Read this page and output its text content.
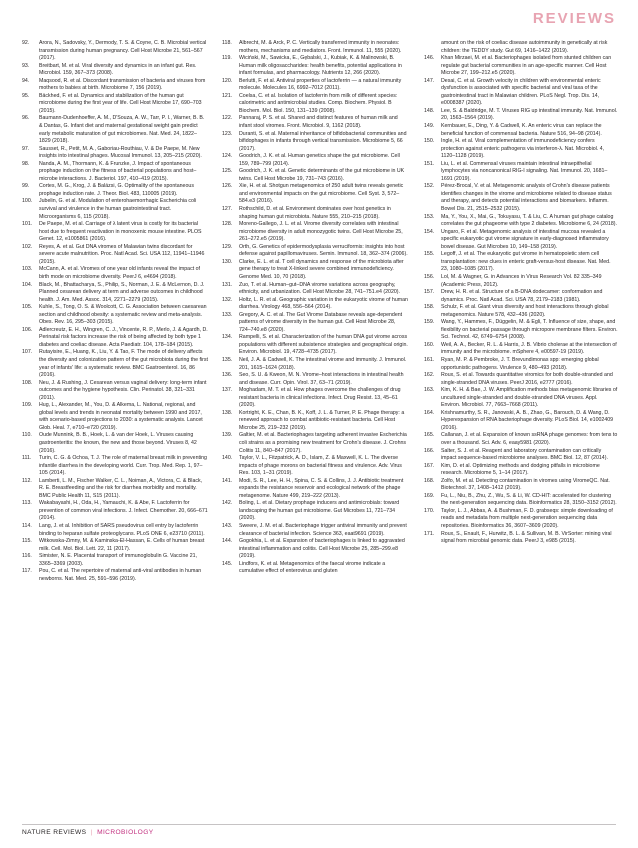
REVIEWS

92. Arora, N., Sadovsky, Y., Dermody, T. S. & Coyne, C. B. Microbial vertical transmission during human pregnancy. Cell Host Microbe 21, 561–567 (2017).

93. Breitbart, M. et al. Viral diversity and dynamics in an infant gut. Res. Microbiol. 159, 367–373 (2008).

94. Maqsood, R. et al. Discordant transmission of bacteria and viruses from mothers to babies at birth. Microbiome 7, 156 (2019).

95. Bäckhed, F. et al. Dynamics and stabilization of the human gut microbiome during the first year of life. Cell Host Microbe 17, 690–703 (2015).

96. Baumann-Dudenhoeffer, A. M., D'Souza, A. W., Tarr, P. I., Warner, B. B. & Dantas, G. Infant diet and maternal gestational weight gain predict early metabolic maturation of gut microbiomes. Nat. Med. 24, 1822–1829 (2018).

97. Sausset, R., Petit, M. A., Gaboriau-Routhiau, V. & De Paepe, M. New insights into intestinal phages. Mucosal Immunol. 13, 205–215 (2020).

98. Nanda, A. M., Thormann, K. & Frunzke, J. Impact of spontaneous prophage induction on the fitness of bacterial populations and host–microbe interactions. J. Bacteriol. 197, 410–419 (2015).

99. Cortes, M. G., Krog, J. & Balázsi, G. Optimality of the spontaneous prophage induction rate. J. Theor. Biol. 483, 110005 (2019).

100. Jubelin, G. et al. Modulation of enterohaemorrhagic Escherichia coli survival and virulence in the human gastrointestinal tract. Microorganisms 6, 115 (2018).

101. De Paepe, M. et al. Carriage of λ latent virus is costly for its bacterial host due to frequent reactivation in monoxenic mouse intestine. PLOS Genet. 12, e1005861 (2016).

102. Reyes, A. et al. Gut DNA viromes of Malawian twins discordant for severe acute malnutrition. Proc. Natl Acad. Sci. USA 112, 11941–11946 (2015).

103. McCann, A. et al. Viromes of one year old infants reveal the impact of birth mode on microbiome diversity. PeerJ 6, e4694 (2018).

104. Black, M., Bhattacharya, S., Philip, S., Norman, J. E. & McLernon, D. J. Planned cesarean delivery at term and adverse outcomes in childhood health. J. Am. Med. Assoc. 314, 2271–2279 (2015).

105. Kuhle, S., Tong, O. S. & Woolcott, C. G. Association between caesarean section and childhood obesity: a systematic review and meta-analysis. Obes. Rev. 16, 295–303 (2015).

106. Adlercreutz, E. H., Wingren, C. J., Vincente, R. P., Merlo, J. & Agardh, D. Perinatal risk factors increase the risk of being affected by both type 1 diabetes and coeliac disease. Acta Paediatr. 104, 178–184 (2015).

107. Rutayisire, E., Huang, K., Liu, Y. & Tao, F. The mode of delivery affects the diversity and colonization pattern of the gut microbiota during the first year of infants' life: a systematic review. BMC Gastroenterol. 16, 86 (2016).

108. Neu, J. & Rushing, J. Cesarean versus vaginal delivery: long-term infant outcomes and the hygiene hypothesis. Clin. Perinatol. 38, 321–331 (2011).

109. Hug, L., Alexander, M., You, D. & Alkema, L. National, regional, and global levels and trends in neonatal mortality between 1990 and 2017, with scenario-based projections to 2030: a systematic analysis. Lancet Glob. Heal. 7, e710–e720 (2019).

110. Oude Munnink, B. B., Hoek, L. & van der Hoek, L. Viruses causing gastroenteritis: the known, the new and those beyond. Viruses 8, 42 (2016).

111. Turin, C. G. & Ochoa, T. J. The role of maternal breast milk in preventing infantile diarrhea in the developing world. Curr. Trop. Med. Rep. 1, 97–105 (2014).

112. Lamberti, L. M., Fischer Walker, C. L., Noiman, A., Victora, C. & Black, R. E. Breastfeeding and the risk for diarrhea morbidity and mortality. BMC Public Health 11, S15 (2011).

113. Wakabayashi, H., Oda, H., Yamauchi, K. & Abe, F. Lactoferrin for prevention of common viral infections. J. Infect. Chemother. 20, 666–671 (2014).

114. Lang, J. et al. Inhibition of SARS pseudovirus cell entry by lactoferrin binding to heparan sulfate proteoglycans. PLoS ONE 6, e23710 (2011).

115. Witkowska-Zimny, M. & Kaminska-El-Hassan, E. Cells of human breast milk. Cell. Mol. Biol. Lett. 22, 11 (2017).

116. Simister, N. E. Placental transport of immunoglobulin G. Vaccine 21, 3365–3369 (2003).

117. Pou, C. et al. The repertoire of maternal anti-viral antibodies in human newborns. Nat. Med. 25, 591–596 (2019).

118. Albrecht, M. & Arck, P. C. Vertically transferred immunity in neonates: mothers, mechanisms and mediators. Front. Immunol. 11, 555 (2020).

119. Wiciński, M., Sawicka, E., Gębalski, J., Kubiak, K. & Malinowski, B. Human milk oligosaccharides: health benefits, potential applications in infant formulas, and pharmacology. Nutrients 12, 266 (2020).

120. Berlutti, F. et al. Antiviral properties of lactoferrin — a natural immunity molecule. Molecules 16, 6992–7012 (2011).

121. Coelsa, C. et al. Isolation of lactoferrin from milk of different species: calorimetric and antimicrobial studies. Comp. Biochem. Physiol. B Biochem. Mol. Biol. 150, 131–139 (2008).

122. Pannaraj, P. S. et al. Shared and distinct features of human milk and infant stool viromes. Front. Microbiol. 9, 1162 (2018).

123. Duranti, S. et al. Maternal inheritance of bifidobacterial communities and bifidophages in infants through vertical transmission. Microbiome 5, 66 (2017).

124. Goodrich, J. K. et al. Human genetics shape the gut microbiome. Cell 159, 789–799 (2014).

125. Goodrich, J. K. et al. Genetic determinants of the gut microbiome in UK twins. Cell Host Microbe 19, 731–743 (2016).

126. Xie, H. et al. Shotgun metagenomics of 250 adult twins reveals genetic and environmental impacts on the gut microbiome. Cell Syst. 3, 572–584.e3 (2016).

127. Rothschild, D. et al. Environment dominates over host genetics in shaping human gut microbiota. Nature 555, 210–215 (2018).

128. Moreno-Gallego, J. L. et al. Virome diversity correlates with intestinal microbiome diversity in adult monozygotic twins. Cell Host Microbe 25, 261–272.e5 (2019).

129. Orth, G. Genetics of epidermodysplasia verruciformis: insights into host defense against papillomaviruses. Semin. Immunol. 18, 362–374 (2006).

130. Clarke, E. L. et al. T cell dynamics and response of the microbiota after gene therapy to treat X-linked severe combined immunodeficiency. Genome Med. 10, 70 (2018).

131. Zuo, T. et al. Human–gut–DNA virome variations across geography, ethnicity, and urbanization. Cell Host Microbe 28, 741–751.e4 (2020).

132. Holtz, L. R. et al. Geographic variation in the eukaryotic virome of human diarrhea. Virology 468, 556–564 (2014).

133. Gregory, A. C. et al. The Gut Virome Database reveals age-dependent patterns of virome diversity in the human gut. Cell Host Microbe 28, 724–740.e8 (2020).

134. Rampelli, S. et al. Characterization of the human DNA gut virome across populations with different subsistence strategies and geographical origin. Environ. Microbiol. 19, 4728–4735 (2017).

135. Neil, J. A. & Cadwell, K. The intestinal virome and immunity. J. Immunol. 201, 1615–1624 (2018).

136. Seo, S. U. & Kweon, M. N. Virome–host interactions in intestinal health and disease. Curr. Opin. Virol. 37, 63–71 (2019).

137. Moghadam, M. T. et al. How phages overcome the challenges of drug resistant bacteria in clinical infections. Infect. Drug Resist. 13, 45–61 (2020).

138. Kortright, K. E., Chan, B. K., Koff, J. L. & Turner, P. E. Phage therapy: a renewed approach to combat antibiotic-resistant bacteria. Cell Host Microbe 25, 219–232 (2019).

139. Galtier, M. et al. Bacteriophages targeting adherent invasive Escherichia coli strains as a promising new treatment for Crohn's disease. J. Crohns Colitis 11, 840–847 (2017).

140. Taylor, V. L., Fitzpatrick, A. D., Islam, Z. & Maxwell, K. L. The diverse impacts of phage morons on bacterial fitness and virulence. Adv. Virus Res. 103, 1–31 (2019).

141. Modi, S. R., Lee, H. H., Spina, C. S. & Collins, J. J. Antibiotic treatment expands the resistance reservoir and ecological network of the phage metagenome. Nature 499, 219–222 (2013).

142. Boling, L. et al. Dietary prophage inducers and antimicrobials: toward landscaping the human gut microbiome. Gut Microbes 11, 721–734 (2020).

143. Sweere, J. M. et al. Bacteriophage trigger antiviral immunity and prevent clearance of bacterial infection. Science 363, eaat9691 (2019).

144. Gogokhia, L. et al. Expansion of bacteriophages is linked to aggravated intestinal inflammation and colitis. Cell Host Microbe 25, 285–299.e8 (2019).

145. Lindfors, K. et al. Metagenomics of the faecal virome indicate a cumulative effect of enterovirus and gluten

amount on the risk of coeliac disease autoimmunity in genetically at risk children: the TEDDY study. Gut 69, 1416–1422 (2019).

146. Khan Mirzaei, M. et al. Bacteriophages isolated from stunted children can regulate gut bacterial communities in an age-specific manner. Cell Host Microbe 27, 199–212.e5 (2020).

147. Desai, C. et al. Growth velocity in children with environmental enteric dysfunction is associated with specific bacterial and viral taxa of the gastrointestinal tract in Malawian children. PLoS Negl. Trop. Dis. 14, e0008387 (2020).

148. Lee, S. & Baldridge, M. T. Viruses RIG up intestinal immunity. Nat. Immunol. 20, 1563–1564 (2019).

149. Kernbauer, E., Ding, Y. & Cadwell, K. An enteric virus can replace the beneficial function of commensal bacteria. Nature 516, 94–98 (2014).

150. Ingle, H. et al. Viral complementation of immunodeficiency confers protection against enteric pathogens via interferon-λ. Nat. Microbiol. 4, 1120–1128 (2019).

151. Liu, L. et al. Commensal viruses maintain intestinal intraepithelial lymphocytes via noncanonical RIG-I signaling. Nat. Immunol. 20, 1681–1691 (2019).

152. Pérez-Brocal, V. et al. Metagenomic analysis of Crohn's disease patients identifies changes in the virome and microbiome related to disease status and therapy, and detects potential interactions and biomarkers. Inflamm. Bowel Dis. 21, 2515–2532 (2015).

153. Ma, Y., You, X., Mai, G., Tokuyasu, T. & Liu, C. A human gut phage catalog correlates the gut phageome with type 2 diabetes. Microbiome 6, 24 (2018).

154. Ungaro, F. et al. Metagenomic analysis of intestinal mucosa revealed a specific eukaryotic gut virome signature in early-diagnosed inflammatory bowel disease. Gut Microbes 10, 149–158 (2019).

155. Legoff, J. et al. The eukaryotic gut virome in hematopoietic stem cell transplantation: new clues in enteric graft-versus-host disease. Nat. Med. 23, 1080–1085 (2017).

156. Lol, M. & Wagner, G. in Advances in Virus Research Vol. 82 335–349 (Academic Press, 2012).

157. Drew, H. R. et al. Structure of a B-DNA dodecamer: conformation and dynamics. Proc. Natl Acad. Sci. USA 78, 2179–2183 (1981).

158. Schulz, F. et al. Giant virus diversity and host interactions through global metagenomics. Nature 578, 432–436 (2020).

159. Wang, Y., Hammes, F., Düggelin, M. & Egli, T. Influence of size, shape, and flexibility on bacterial passage through micropore membrane filters. Environ. Sci. Technol. 42, 6749–6754 (2008).

160. Weil, A. A., Becker, R. L. & Harris, J. B. Vibrio cholerae at the intersection of immunity and the microbiome. mSphere 4, e00597-19 (2019).

161. Ryan, M. P. & Pembroke, J. T. Brevundimonas spp: emerging global opportunistic pathogens. Virulence 9, 480–493 (2018).

162. Roux, S. et al. Towards quantitative viromics for both double-stranded and single-stranded DNA viruses. PeerJ 2016, e2777 (2016).

163. Kim, K. H. & Bae, J. W. Amplification methods bias metagenomic libraries of uncultured single-stranded and double-stranded DNA viruses. Appl. Environ. Microbiol. 77, 7663–7668 (2011).

164. Krishnamurthy, S. R., Janowski, A. B., Zhao, G., Barouch, D. & Wang, D. Hyperexpansion of RNA bacteriophage diversity. PLoS Biol. 14, e1002409 (2016).

165. Callanan, J. et al. Expansion of known ssRNA phage genomes: from tens to over a thousand. Sci. Adv. 6, eaay5981 (2020).

166. Salter, S. J. et al. Reagent and laboratory contamination can critically impact sequence-based microbiome analyses. BMC Biol. 12, 87 (2014).

167. Kim, D. et al. Optimizing methods and dodging pitfalls in microbiome research. Microbiome 5, 1–14 (2017).

168. Zolfo, M. et al. Detecting contamination in viromes using ViromeQC. Nat. Biotechnol. 37, 1408–1412 (2019).

169. Fu, L., Niu, B., Zhu, Z., Wu, S. & Li, W. CD-HIT: accelerated for clustering the next-generation sequencing data. Bioinformatics 28, 3150–3152 (2012).

170. Taylor, L. J., Abbas, A. & Bushman, F. D. grabseqs: simple downloading of reads and metadata from multiple next-generation sequencing data repositories. Bioinformatics 36, 3607–3609 (2020).

171. Roux, S., Enault, F., Hurwitz, B. L. & Sullivan, M. B. VirSorter: mining viral signal from microbial genomic data. PeerJ 3, e985 (2015).

NATURE REVIEWS | MICROBIOLOGY
